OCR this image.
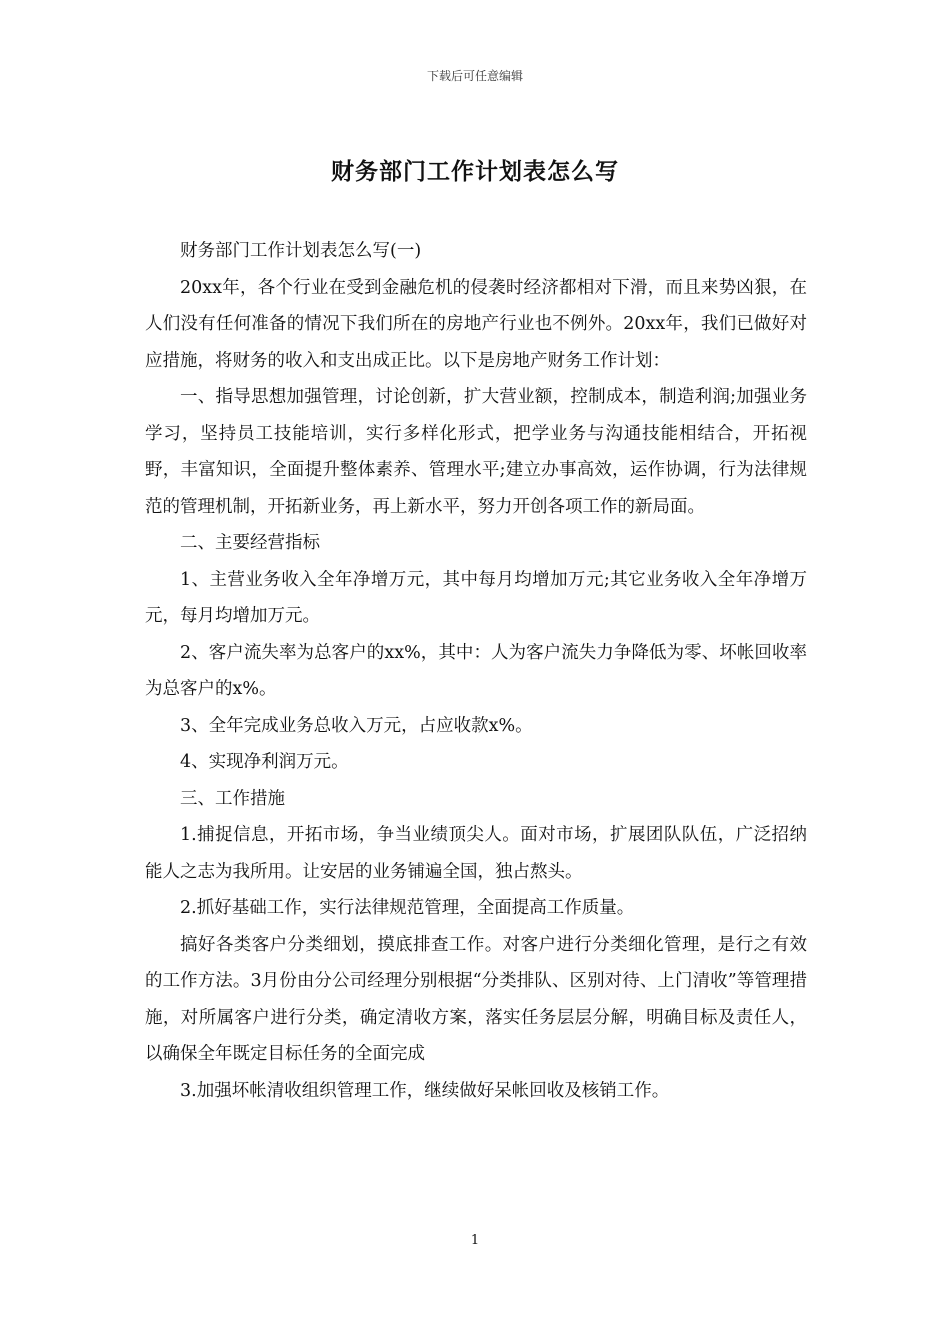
下载后可任意编辑
财务部门工作计划表怎么写

财务部门工作计划表怎么写(一)

20xx年，各个行业在受到金融危机的侵袭时经济都相对下滑，而且来势凶狠，在人们没有任何准备的情况下我们所在的房地产行业也不例外。20xx年，我们已做好对应措施，将财务的收入和支出成正比。以下是房地产财务工作计划：

一、指导思想加强管理，讨论创新，扩大营业额，控制成本，制造利润;加强业务学习，坚持员工技能培训，实行多样化形式，把学业务与沟通技能相结合，开拓视野，丰富知识，全面提升整体素养、管理水平;建立办事高效，运作协调，行为法律规范的管理机制，开拓新业务，再上新水平，努力开创各项工作的新局面。

二、主要经营指标

1、主营业务收入全年净增万元，其中每月均增加万元;其它业务收入全年净增万元，每月均增加万元。

2、客户流失率为总客户的xx%，其中：人为客户流失力争降低为零、坏帐回收率为总客户的x%。

3、全年完成业务总收入万元，占应收款x%。

4、实现净利润万元。

三、工作措施

1.捕捉信息，开拓市场，争当业绩顶尖人。面对市场，扩展团队队伍，广泛招纳能人之志为我所用。让安居的业务铺遍全国，独占熬头。

2.抓好基础工作，实行法律规范管理，全面提高工作质量。

搞好各类客户分类细划，摸底排查工作。对客户进行分类细化管理，是行之有效的工作方法。3月份由分公司经理分别根据“分类排队、区别对待、上门清收”等管理措施，对所属客户进行分类，确定清收方案，落实任务层层分解，明确目标及责任人，以确保全年既定目标任务的全面完成

3.加强坏帐清收组织管理工作，继续做好呆帐回收及核销工作。

1
